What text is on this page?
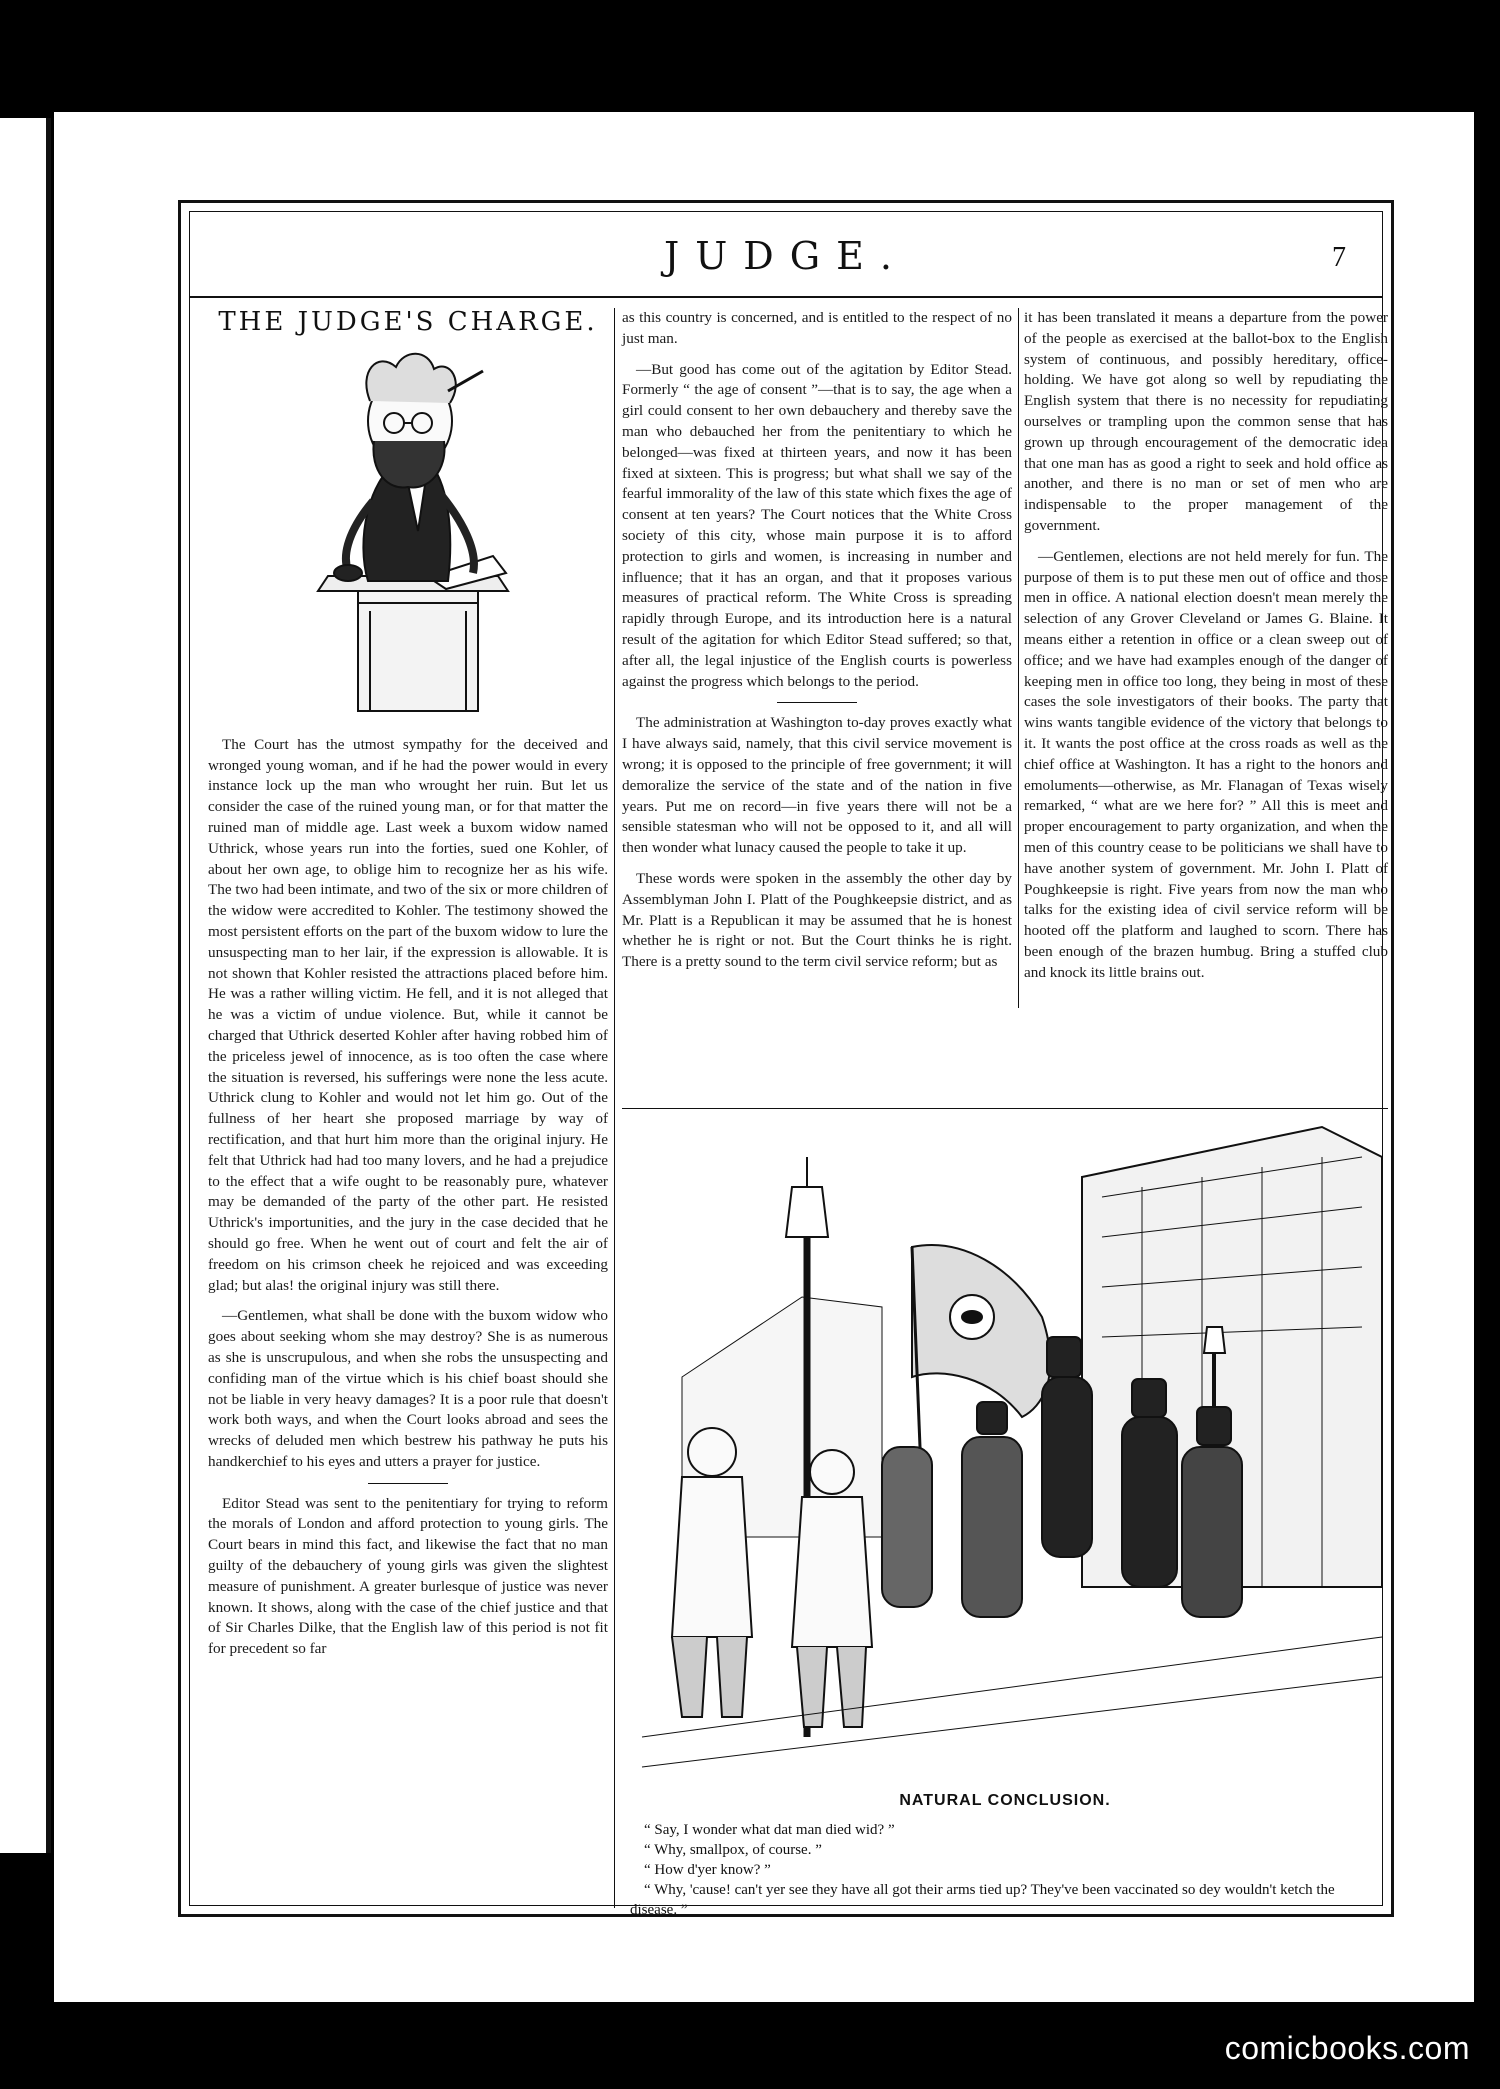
JUDGE.	7
THE JUDGE'S CHARGE.

The Court has the utmost sympathy for the deceived and wronged young woman, and if he had the power would in every instance lock up the man who wrought her ruin. But let us consider the case of the ruined young man, or for that matter the ruined man of middle age. Last week a buxom widow named Uthrick, whose years run into the forties, sued one Kohler, of about her own age, to oblige him to recognize her as his wife. The two had been intimate, and two of the six or more children of the widow were accredited to Kohler. The testimony showed the most persistent efforts on the part of the buxom widow to lure the unsuspecting man to her lair, if the expression is allowable. It is not shown that Kohler resisted the attractions placed before him. He was a rather willing victim. He fell, and it is not alleged that he was a victim of undue violence. But, while it cannot be charged that Uthrick deserted Kohler after having robbed him of the priceless jewel of innocence, as is too often the case where the situation is reversed, his sufferings were none the less acute. Uthrick clung to Kohler and would not let him go. Out of the fullness of her heart she proposed marriage by way of rectification, and that hurt him more than the original injury. He felt that Uthrick had had too many lovers, and he had a prejudice to the effect that a wife ought to be reasonably pure, whatever may be demanded of the party of the other part. He resisted Uthrick's importunities, and the jury in the case decided that he should go free. When he went out of court and felt the air of freedom on his crimson cheek he rejoiced and was exceeding glad; but alas! the original injury was still there.

—Gentlemen, what shall be done with the buxom widow who goes about seeking whom she may destroy? She is as numerous as she is unscrupulous, and when she robs the unsuspecting and confiding man of the virtue which is his chief boast should she not be liable in very heavy damages? It is a poor rule that doesn't work both ways, and when the Court looks abroad and sees the wrecks of deluded men which bestrew his pathway he puts his handkerchief to his eyes and utters a prayer for justice.

Editor Stead was sent to the penitentiary for trying to reform the morals of London and afford protection to young girls. The Court bears in mind this fact, and likewise the fact that no man guilty of the debauchery of young girls was given the slightest measure of punishment. A greater burlesque of justice was never known. It shows, along with the case of the chief justice and that of Sir Charles Dilke, that the English law of this period is not fit for precedent so far

as this country is concerned, and is entitled to the respect of no just man.

—But good has come out of the agitation by Editor Stead. Formerly “ the age of consent ”—that is to say, the age when a girl could consent to her own debauchery and thereby save the man who debauched her from the penitentiary to which he belonged—was fixed at thirteen years, and now it has been fixed at sixteen. This is progress; but what shall we say of the fearful immorality of the law of this state which fixes the age of consent at ten years? The Court notices that the White Cross society of this city, whose main purpose it is to afford protection to girls and women, is increasing in number and influence; that it has an organ, and that it proposes various measures of practical reform. The White Cross is spreading rapidly through Europe, and its introduction here is a natural result of the agitation for which Editor Stead suffered; so that, after all, the legal injustice of the English courts is powerless against the progress which belongs to the period.

The administration at Washington to-day proves exactly what I have always said, namely, that this civil service movement is wrong; it is opposed to the principle of free government; it will demoralize the service of the state and of the nation in five years. Put me on record—in five years there will not be a sensible statesman who will not be opposed to it, and all will then wonder what lunacy caused the people to take it up.

These words were spoken in the assembly the other day by Assemblyman John I. Platt of the Poughkeepsie district, and as Mr. Platt is a Republican it may be assumed that he is honest whether he is right or not. But the Court thinks he is right. There is a pretty sound to the term civil service reform; but as

it has been translated it means a departure from the power of the people as exercised at the ballot-box to the English system of continuous, and possibly hereditary, office-holding. We have got along so well by repudiating the English system that there is no necessity for repudiating ourselves or trampling upon the common sense that has grown up through encouragement of the democratic idea that one man has as good a right to seek and hold office as another, and there is no man or set of men who are indispensable to the proper management of the government.

—Gentlemen, elections are not held merely for fun. The purpose of them is to put these men out of office and those men in office. A national election doesn't mean merely the selection of any Grover Cleveland or James G. Blaine. It means either a retention in office or a clean sweep out of office; and we have had examples enough of the danger of keeping men in office too long, they being in most of these cases the sole investigators of their books. The party that wins wants tangible evidence of the victory that belongs to it. It wants the post office at the cross roads as well as the chief office at Washington. It has a right to the honors and emoluments—otherwise, as Mr. Flanagan of Texas wisely remarked, “ what are we here for? ” All this is meet and proper encouragement to party organization, and when the men of this country cease to be politicians we shall have to have another system of government. Mr. John I. Platt of Poughkeepsie is right. Five years from now the man who talks for the existing idea of civil service reform will be hooted off the platform and laughed to scorn. There has been enough of the brazen humbug. Bring a stuffed club and knock its little brains out.

NATURAL CONCLUSION.
“ Say, I wonder what dat man died wid? ”
“ Why, smallpox, of course. ”
“ How d'yer know? ”
“ Why, 'cause! can't yer see they have all got their arms tied up? They've been vaccinated so dey wouldn't ketch the disease. ”
comicbooks.com
